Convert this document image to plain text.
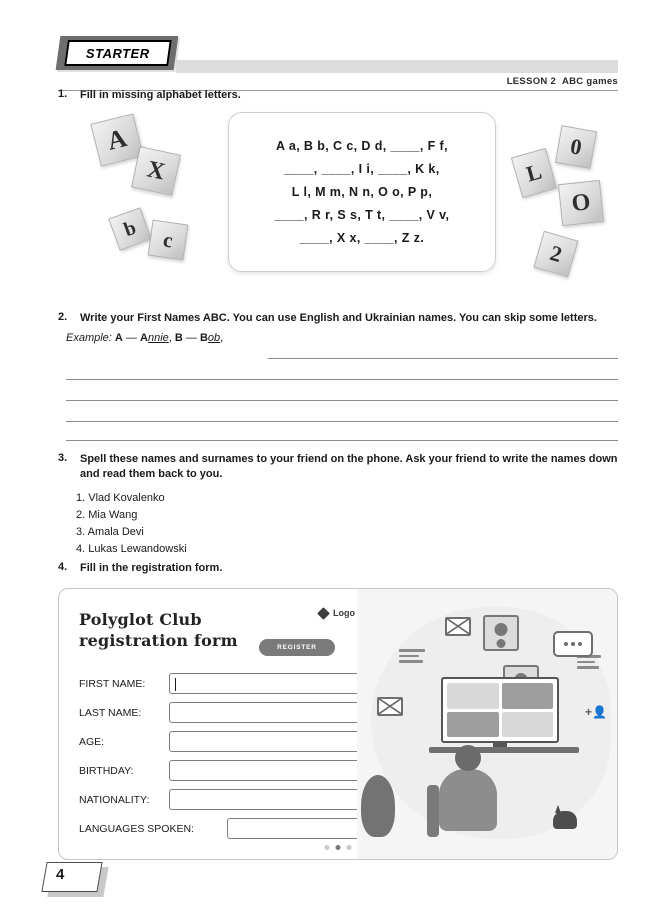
STARTER
LESSON 2 ABC games
1.	Fill in missing alphabet letters.
A
X
b	c
L
0
O
2
A a, B b, C c, D d, ____, F f,
____, ____, I i, ____, K k,
L l, M m, N n, O o, P p,
____, R r, S s, T t, ____, V v,
____, X x, ____, Z z.
2.	Write your First Names ABC. You can use English and Ukrainian names. You can skip some letters.
Example: A — Annie, B — Bob,
3.	Spell these names and surnames to your friend on the phone. Ask your friend to write the names down and read them back to you.
1. Vlad Kovalenko
2. Mia Wang
3. Amala Devi
4. Lukas Lewandowski
4.	Fill in the registration form.
Polyglot Club
registration form
Logo
REGISTER
FIRST NAME:
LAST NAME:
AGE:
BIRTHDAY:
NATIONALITY:
LANGUAGES SPOKEN:
+👤
4
